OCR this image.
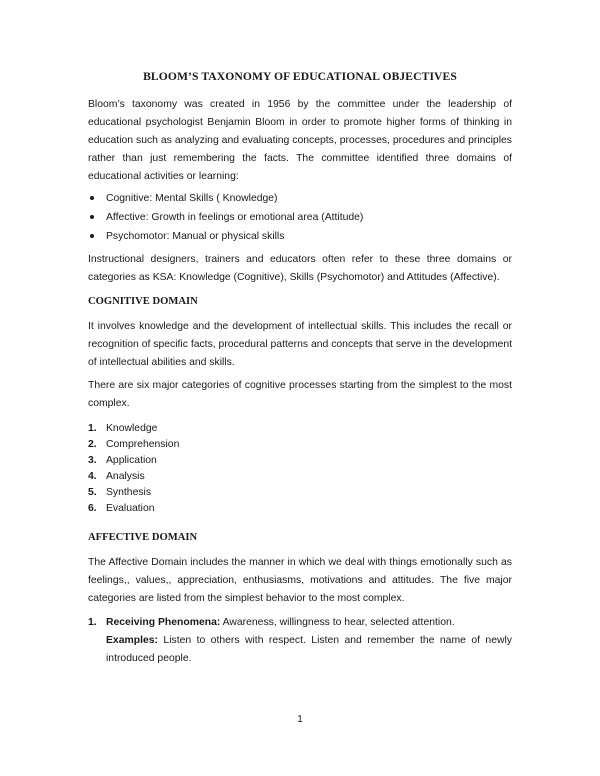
BLOOM’S TAXONOMY OF EDUCATIONAL OBJECTIVES

Bloom’s taxonomy was created in 1956 by the committee under the leadership of educational psychologist Benjamin Bloom in order to promote higher forms of thinking in education such as analyzing and evaluating concepts, processes, procedures and principles rather than just remembering the facts. The committee identified three domains of educational activities or learning:

Cognitive: Mental Skills ( Knowledge)
Affective: Growth in feelings or emotional area (Attitude)
Psychomotor: Manual or physical skills

Instructional designers, trainers and educators often refer to these three domains or categories as KSA: Knowledge (Cognitive), Skills (Psychomotor) and Attitudes (Affective).

COGNITIVE DOMAIN

It involves knowledge and the development of intellectual skills. This includes the recall or recognition of specific facts, procedural patterns and concepts that serve in the development of intellectual abilities and skills.

There are six major categories of cognitive processes starting from the simplest to the most complex.

1. Knowledge
2. Comprehension
3. Application
4. Analysis
5. Synthesis
6. Evaluation
AFFECTIVE DOMAIN

The Affective Domain includes the manner in which we deal with things emotionally such as feelings,, values,, appreciation, enthusiasms, motivations and attitudes. The five major categories are listed from the simplest behavior to the most complex.

1. Receiving Phenomena: Awareness, willingness to hear, selected attention.
Examples: Listen to others with respect. Listen and remember the name of newly introduced people.
1
